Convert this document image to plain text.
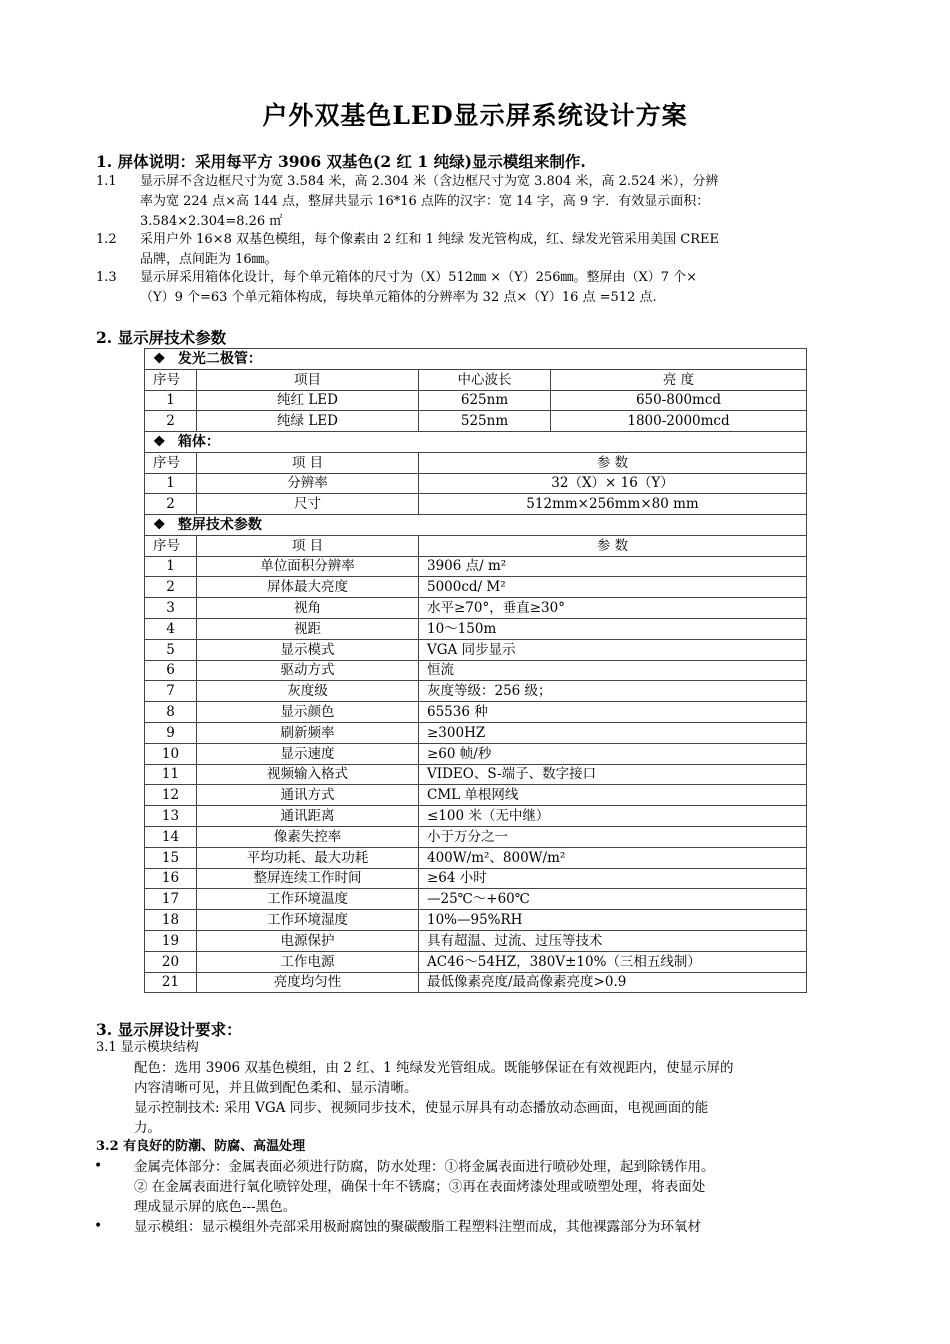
户外双基色LED显示屏系统设计方案
1. 屏体说明：采用每平方 3906 双基色(2 红 1 纯绿)显示模组来制作.
1.1 显示屏不含边框尺寸为宽 3.584 米，高 2.304 米（含边框尺寸为宽 3.804 米，高 2.524 米），分辨
率为宽 224 点×高 144 点，整屏共显示 16*16 点阵的汉字：宽 14 字，高 9 字．有效显示面积：
3.584×2.304=8.26 ㎡
1.2 采用户外 16×8 双基色模组，每个像素由 2 红和 1 纯绿 发光管构成，红、绿发光管采用美国 CREE
品牌，点间距为 16㎜。
1.3 显示屏采用箱体化设计，每个单元箱体的尺寸为（X）512㎜ ×（Y）256㎜。整屏由（X）7 个×
（Y）9 个=63 个单元箱体构成，每块单元箱体的分辨率为 32 点×（Y）16 点 =512 点.
2. 显示屏技术参数
❖ 发光二极管：			
序号	项目	中心波长	亮 度
1	纯红 LED	625nm	650-800mcd
2	纯绿 LED	525nm	1800-2000mcd
❖ 箱体：		
序号	项 目	参 数
1	分辨率	32（X）× 16（Y）
2	尺寸	512mm×256mm×80 mm
❖ 整屏技术参数		
序号	项 目	参 数
1	单位面积分辨率	3906 点/ m²
2	屏体最大亮度	5000cd/ M²
3	视角	水平≥70°，垂直≥30°
4	视距	10～150m
5	显示模式	VGA 同步显示
6	驱动方式	恒流
7	灰度级	灰度等级：256 级；
8	显示颜色	65536 种
9	刷新频率	≥300HZ
10	显示速度	≥60 帧/秒
11	视频输入格式	VIDEO、S-端子、数字接口
12	通讯方式	CML 单根网线
13	通讯距离	≤100 米（无中继）
14	像素失控率	小于万分之一
15	平均功耗、最大功耗	400W/m²、800W/m²
16	整屏连续工作时间	≥64 小时
17	工作环境温度	—25℃～+60℃
18	工作环境湿度	10%—95%RH
19	电源保护	具有超温、过流、过压等技术
20	工作电源	AC46～54HZ，380V±10%（三相五线制）
21	亮度均匀性	最低像素亮度/最高像素亮度>0.9
3. 显示屏设计要求：
3.1 显示模块结构
配色：选用 3906 双基色模组，由 2 红、1 纯绿发光管组成。既能够保证在有效视距内，使显示屏的
内容清晰可见，并且做到配色柔和、显示清晰。
显示控制技术: 采用 VGA 同步、视频同步技术，使显示屏具有动态播放动态画面，电视画面的能
力。
3.2 有良好的防潮、防腐、高温处理
• 金属壳体部分：金属表面必须进行防腐，防水处理：①将金属表面进行喷砂处理，起到除锈作用。
② 在金属表面进行氧化喷锌处理，确保十年不锈腐；③再在表面烤漆处理或喷塑处理，将表面处
理成显示屏的底色---黑色。
• 显示模组：显示模组外壳部采用极耐腐蚀的聚碳酸脂工程塑料注塑而成，其他裸露部分为环氧材
